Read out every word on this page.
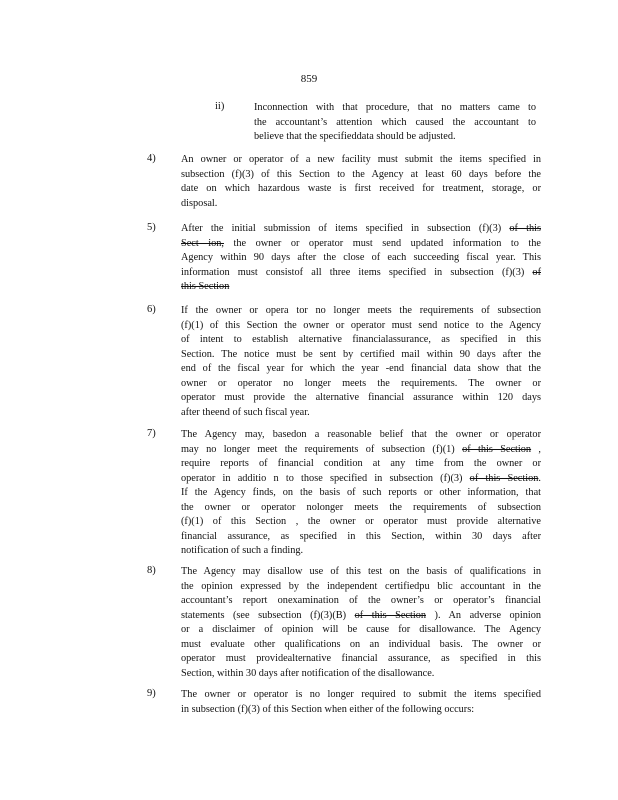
859
ii)	Inconnection with that procedure, that no matters came to
the accountant’s attention which caused the accountant to
believe that the specifieddata should be adjusted.
4) An owner or operator of a new facility must submit the items specified in
subsection (f)(3) of this Section to the Agency at least 60 days before the
date on which hazardous waste is first received for treatment, storage, or
disposal.
5) After the initial submission of items specified in subsection (f)(3) of this
Sect ion, the owner or operator must send updated information to the
Agency within 90 days after the close of each succeeding fiscal year. This
information must consistof all three items specified in subsection (f)(3) of
this Section
6) If the owner or opera tor no longer meets the requirements of subsection
(f)(1) of this Section the owner or operator must send notice to the Agency
of intent to establish alternative financialassurance, as specified in this
Section. The notice must be sent by certified mail within 90 days after the
end of the fiscal year for which the year -end financial data show that the
owner or operator no longer meets the requirements. The owner or
operator must provide the alternative financial assurance within 120 days
after theend of such fiscal year.
7) The Agency may, basedon a reasonable belief that the owner or operator
may no longer meet the requirements of subsection (f)(1) of this Section ,
require reports of financial condition at any time from the owner or
operator in additio n to those specified in subsection (f)(3) of this Section.
If the Agency finds, on the basis of such reports or other information, that
the owner or operator nolonger meets the requirements of subsection
(f)(1) of this Section , the owner or operator must provide alternative
financial assurance, as specified in this Section, within 30 days after
notification of such a finding.
8) The Agency may disallow use of this test on the basis of qualifications in
the opinion expressed by the independent certifiedpu blic accountant in the
accountant’s report onexamination of the owner’s or operator’s financial
statements (see subsection (f)(3)(B) of this Section ). An adverse opinion
or a disclaimer of opinion will be cause for disallowance. The Agency
must evaluate other qualifications on an individual basis. The owner or
operator must providealternative financial assurance, as specified in this
Section, within 30 days after notification of the disallowance.
9) The owner or operator is no longer required to submit the items specified
in subsection (f)(3) of this Section when either of the following occurs:
